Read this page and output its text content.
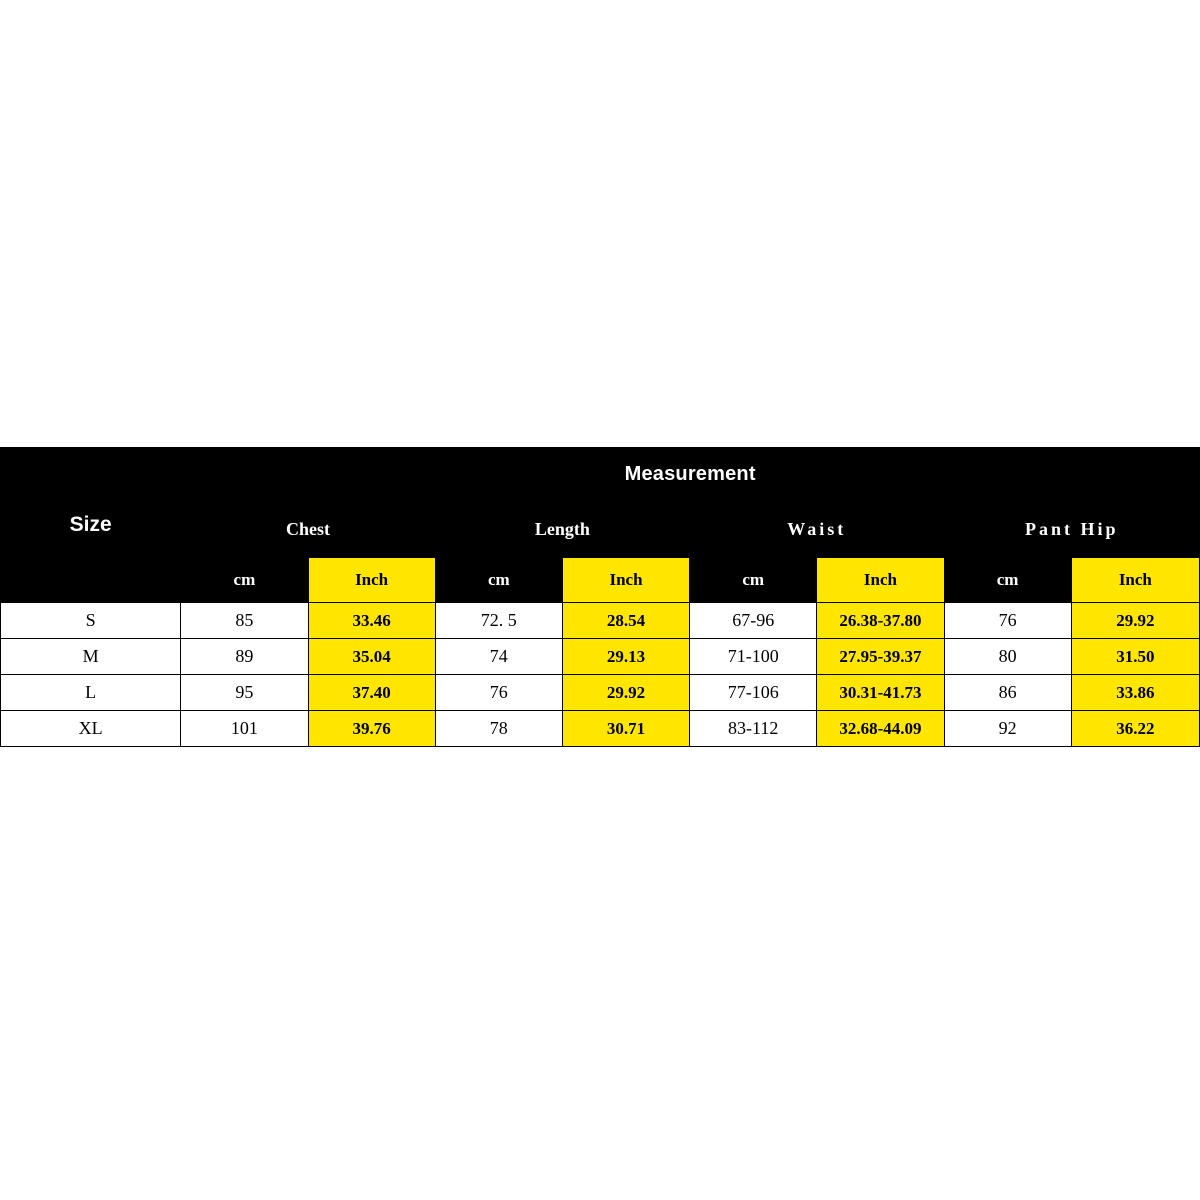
Size	Measurement							
	Chest		Length		Waist		Pant Hip	
	cm	Inch	cm	Inch	cm	Inch	cm	Inch
S	85	33.46	72. 5	28.54	67-96	26.38-37.80	76	29.92
M	89	35.04	74	29.13	71-100	27.95-39.37	80	31.50
L	95	37.40	76	29.92	77-106	30.31-41.73	86	33.86
XL	101	39.76	78	30.71	83-112	32.68-44.09	92	36.22
